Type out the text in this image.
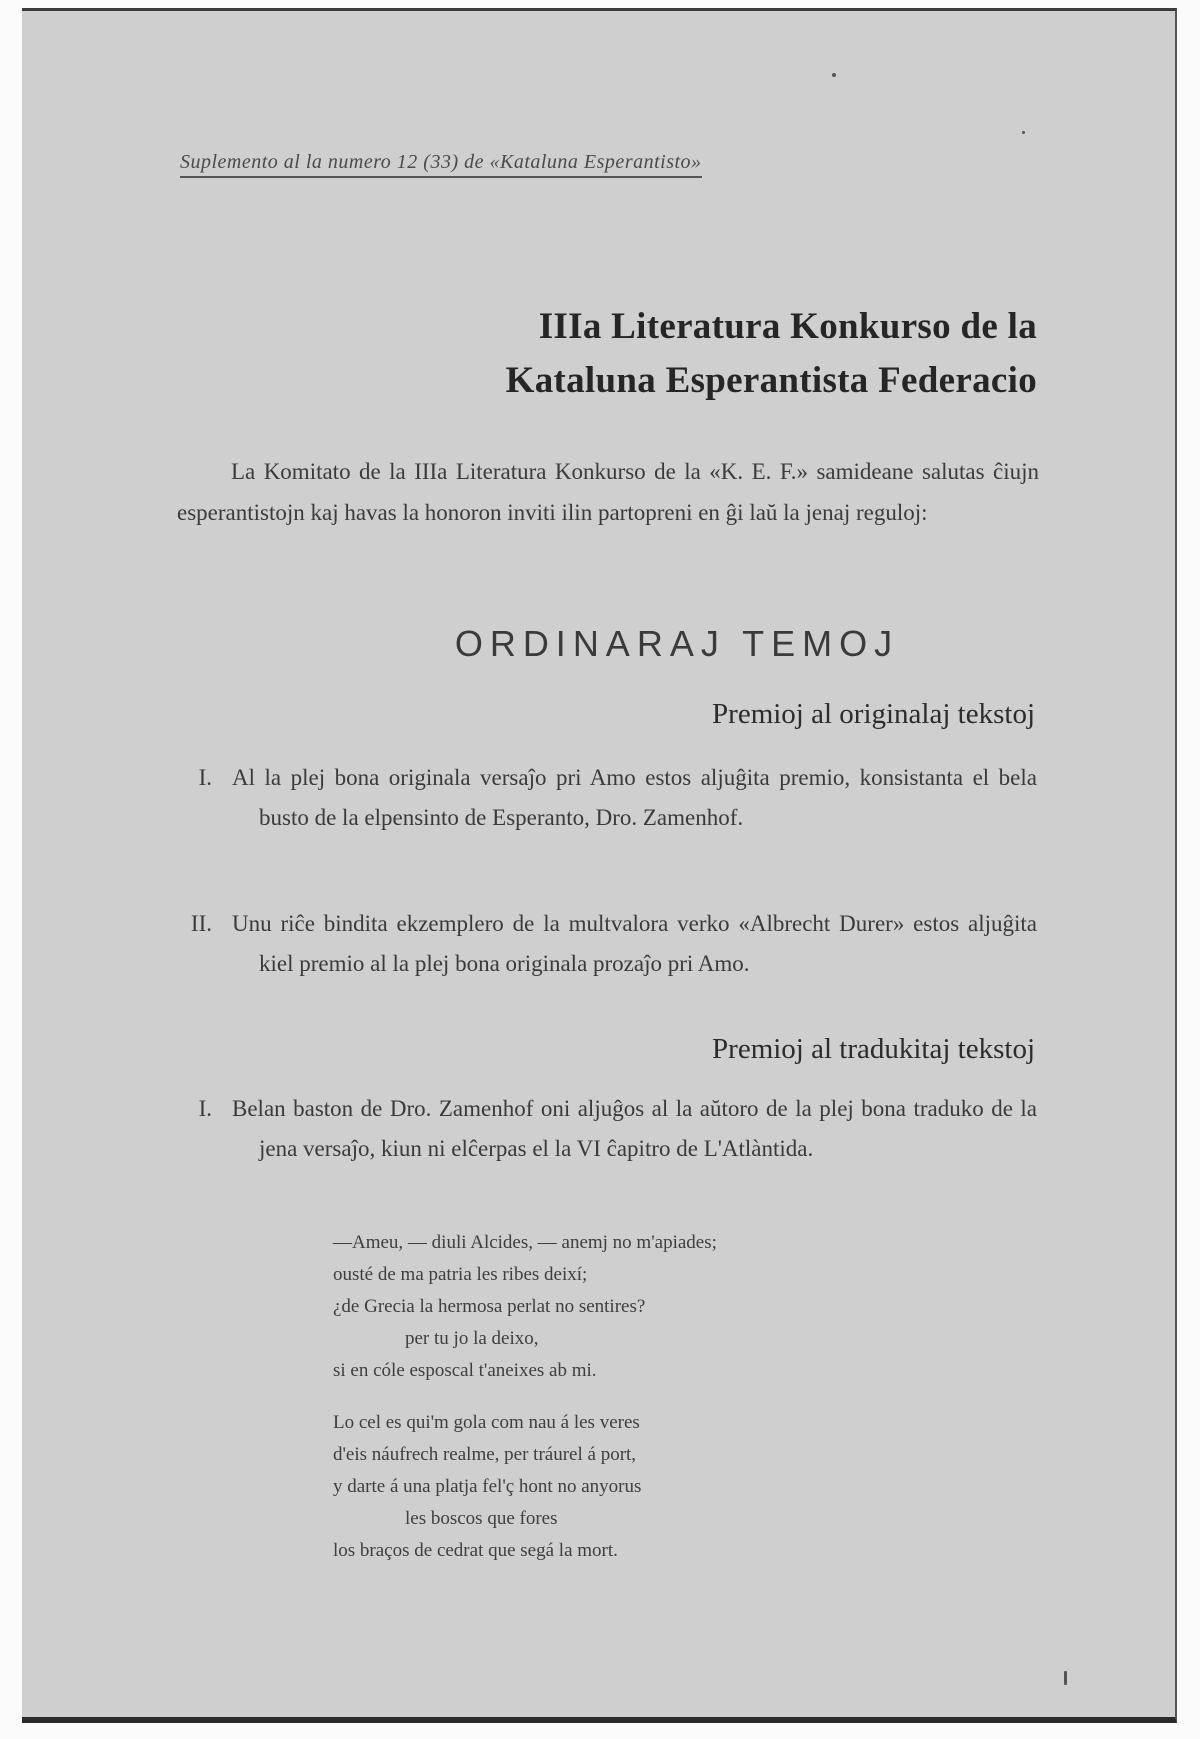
Suplemento al la numero 12 (33) de «Kataluna Esperantisto»
IIIa Literatura Konkurso de la
Kataluna Esperantista Federacio

La Komitato de la IIIa Literatura Konkurso de la «K. E. F.» samideane salutas ĉiujn esperantistojn kaj havas la honoron inviti ilin partopreni en ĝi laŭ la jenaj reguloj:

ORDINARAJ TEMOJ
Premioj al originalaj tekstoj
I. Al la plej bona originala versaĵo pri Amo estos aljuĝita premio, konsistanta el bela busto de la elpensinto de Esperanto, Dro. Zamenhof.
II. Unu riĉe bindita ekzemplero de la multvalora verko «Albrecht Durer» estos aljuĝita kiel premio al la plej bona originala prozaĵo pri Amo.
Premioj al tradukitaj tekstoj
I. Belan baston de Dro. Zamenhof oni aljuĝos al la aŭtoro de la plej bona traduko de la jena versaĵo, kiun ni elĉerpas el la VI ĉapitro de L'Atlàntida.
—Ameu, — diuli Alcides, — anemj no m'apiades;
ousté de ma patria les ribes deixí;
¿de Grecia la hermosa perlat no sentires?
per tu jo la deixo,
si en cóle esposcal t'aneixes ab mi.
Lo cel es qui'm gola com nau á les veres
d'eis náufrech realme, per tráurel á port,
y darte á una platja fel'ç hont no anyorus
les boscos que fores
los braços de cedrat que segá la mort.
